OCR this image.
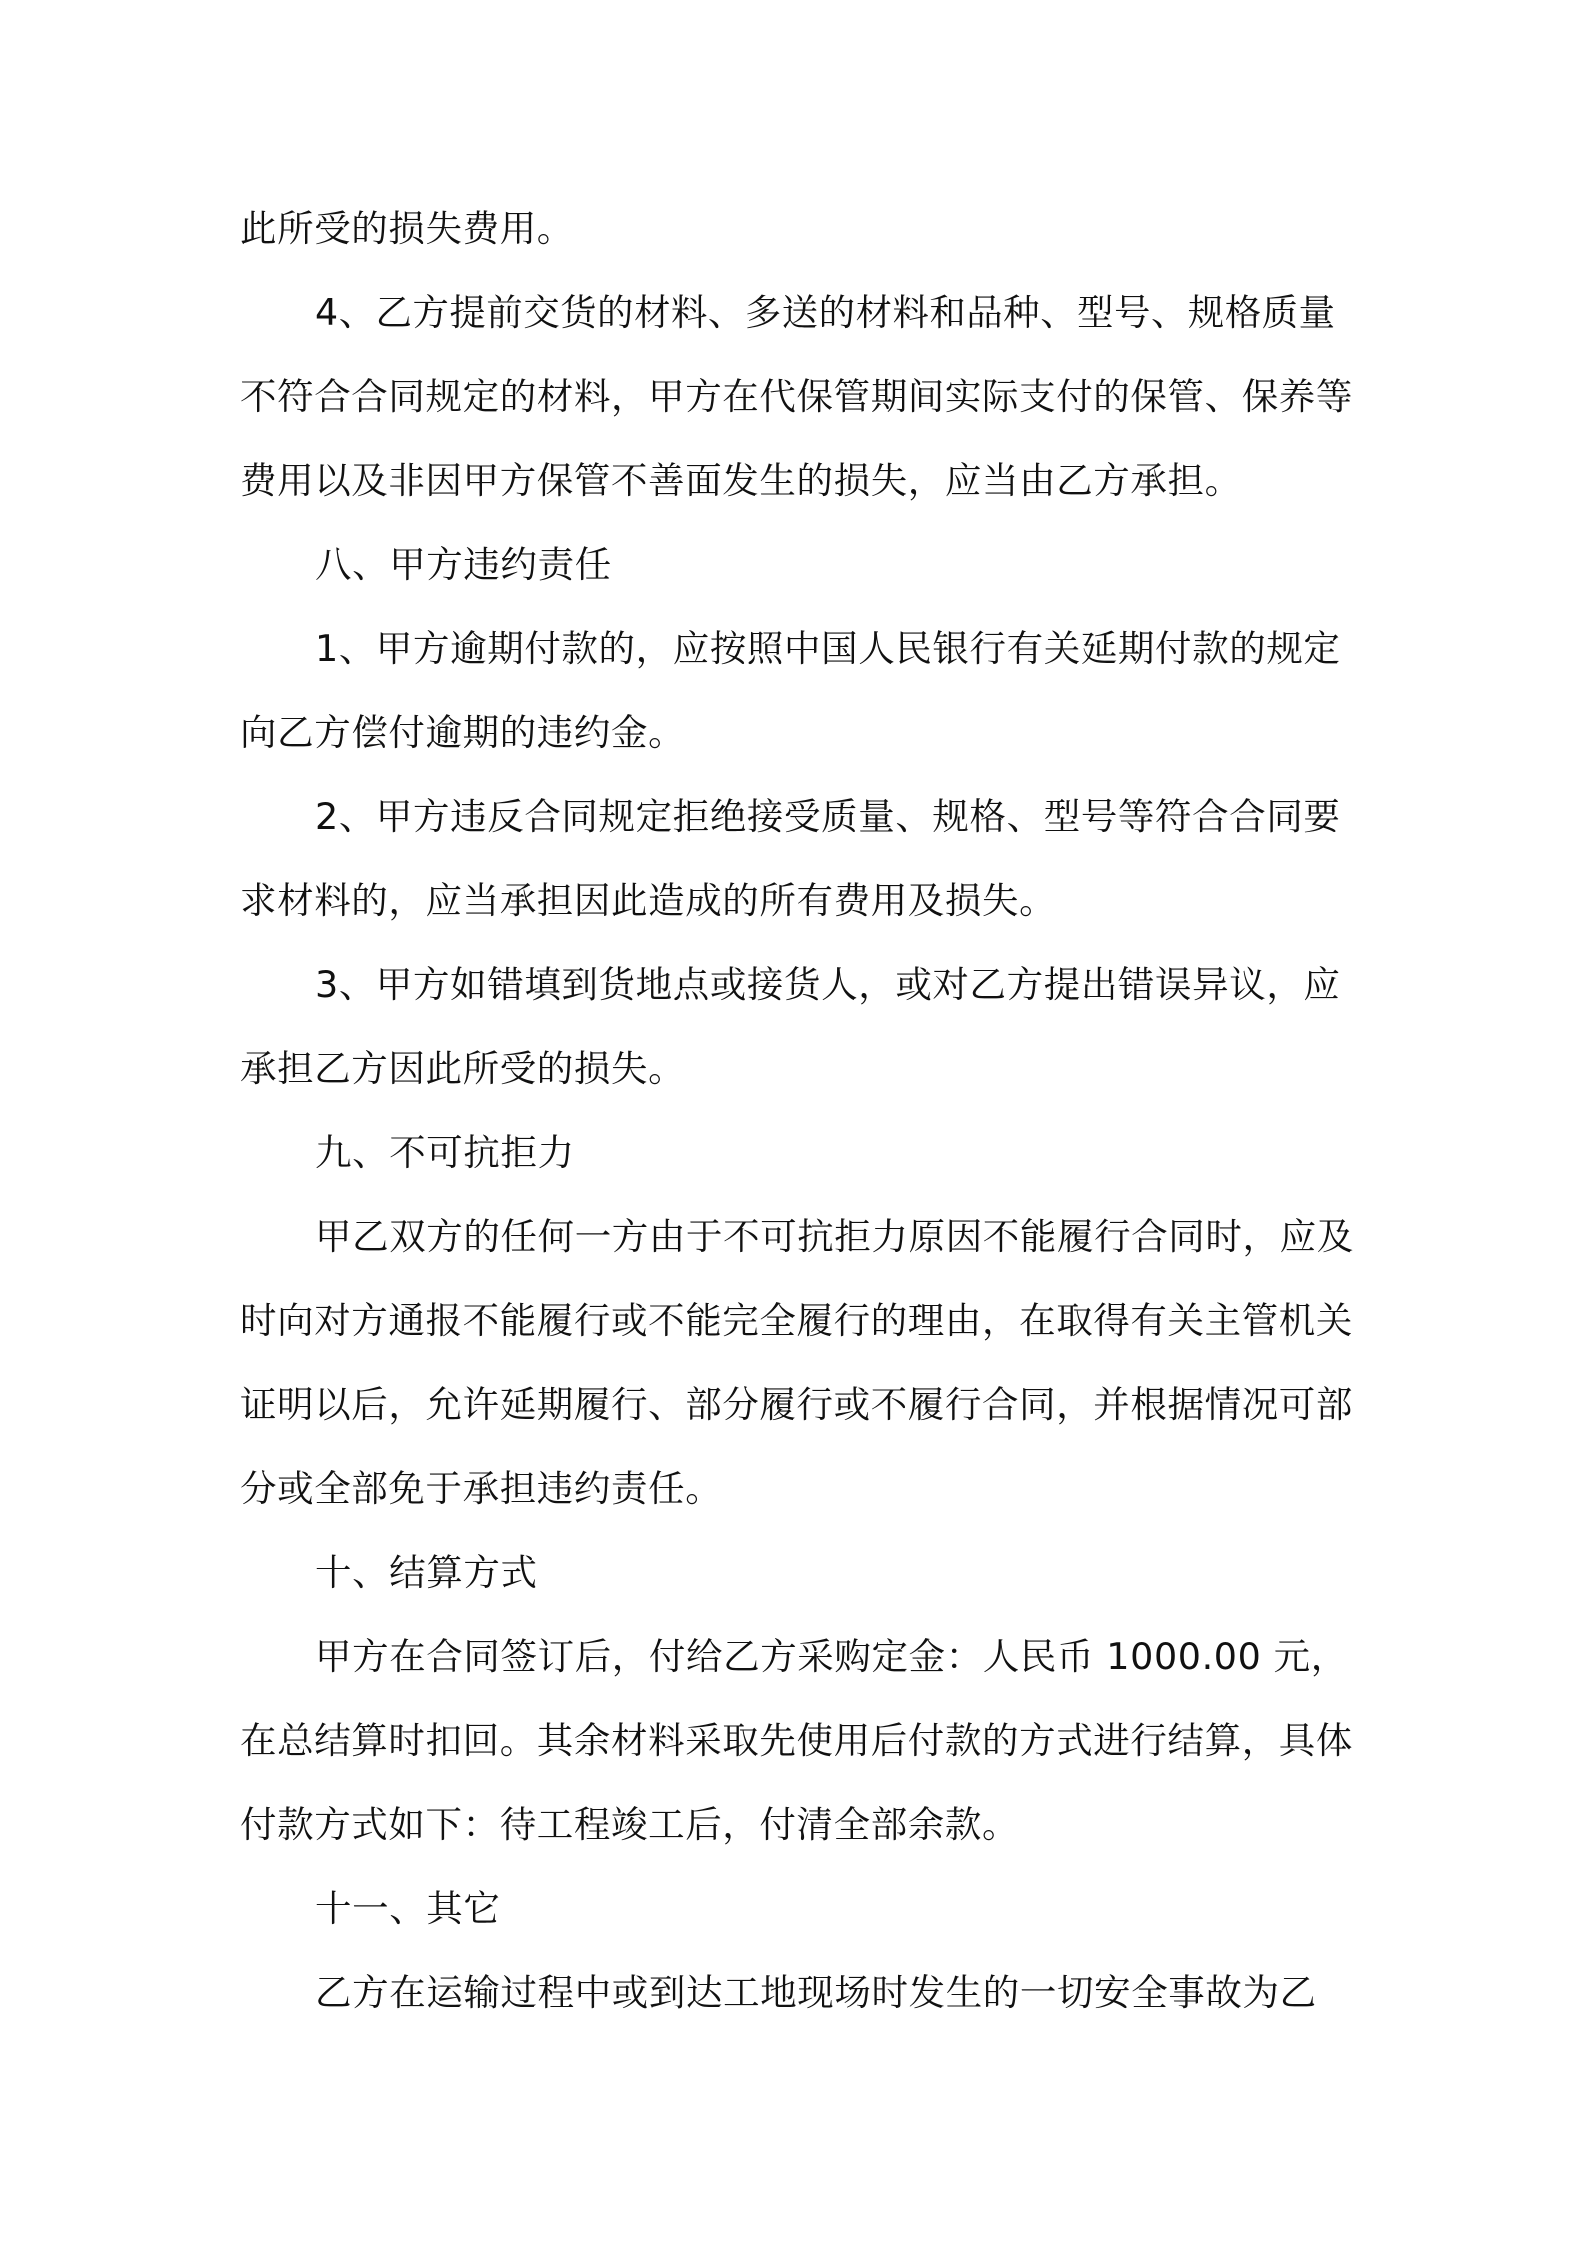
此所受的损失费用。
4、乙方提前交货的材料、多送的材料和品种、型号、规格质量
不符合合同规定的材料，甲方在代保管期间实际支付的保管、保养等
费用以及非因甲方保管不善面发生的损失，应当由乙方承担。
八、甲方违约责任
1、甲方逾期付款的，应按照中国人民银行有关延期付款的规定
向乙方偿付逾期的违约金。
2、甲方违反合同规定拒绝接受质量、规格、型号等符合合同要
求材料的，应当承担因此造成的所有费用及损失。
3、甲方如错填到货地点或接货人，或对乙方提出错误异议，应
承担乙方因此所受的损失。
九、不可抗拒力
甲乙双方的任何一方由于不可抗拒力原因不能履行合同时，应及
时向对方通报不能履行或不能完全履行的理由，在取得有关主管机关
证明以后，允许延期履行、部分履行或不履行合同，并根据情况可部
分或全部免于承担违约责任。
十、结算方式
甲方在合同签订后，付给乙方采购定金：人民币 1000.00 元，
在总结算时扣回。其余材料采取先使用后付款的方式进行结算，具体
付款方式如下：待工程竣工后，付清全部余款。
十一、其它
乙方在运输过程中或到达工地现场时发生的一切安全事故为乙
